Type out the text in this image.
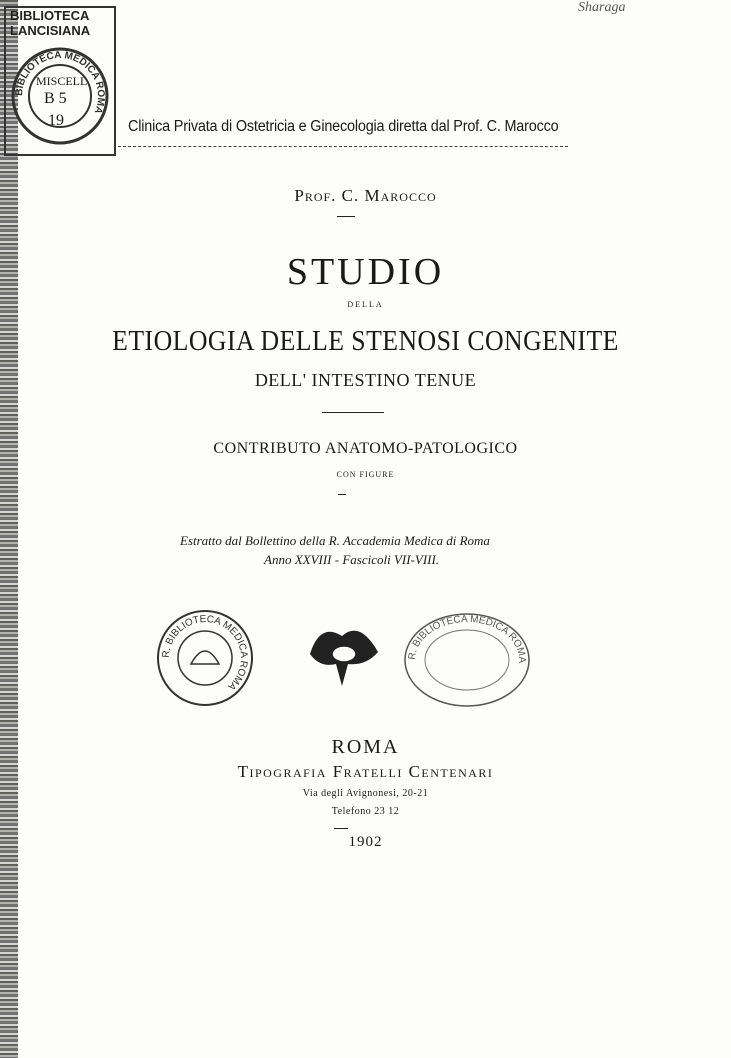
Sharaga
BIBLIOTECA
LANCISIANA
BIBLIOTECA MEDICA ROMA
MISCELL
B 5
19	Clinica Privata di Ostetricia e Ginecologia diretta dal Prof. C. Marocco
Prof. C. Marocco
STUDIO
DELLA
ETIOLOGIA DELLE STENOSI CONGENITE
DELL' INTESTINO TENUE
CONTRIBUTO ANATOMO-PATOLOGICO
CON FIGURE
Estratto dal Bollettino della R. Accademia Medica di Roma
Anno XXVIII - Fascicoli VII-VIII.
R. BIBLIOTECA MEDICA ROMA
R. BIBLIOTECA MEDICA ROMA
ROMA
Tipografia Fratelli Centenari
Via degli Avignonesi, 20-21
Telefono 23 12
1902
